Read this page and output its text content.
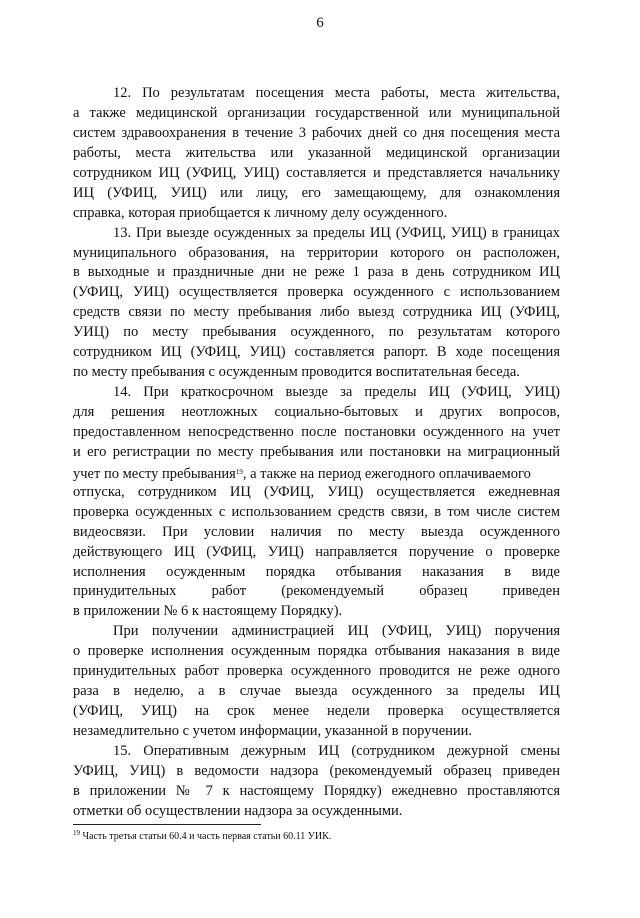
6
12. По результатам посещения места работы, места жительства,
а также медицинской организации государственной или муниципальной
систем здравоохранения в течение 3 рабочих дней со дня посещения места
работы, места жительства или указанной медицинской организации
сотрудником ИЦ (УФИЦ, УИЦ) составляется и представляется начальнику
ИЦ (УФИЦ, УИЦ) или лицу, его замещающему, для ознакомления
справка, которая приобщается к личному делу осужденного.
13. При выезде осужденных за пределы ИЦ (УФИЦ, УИЦ) в границах
муниципального образования, на территории которого он расположен,
в выходные и праздничные дни не реже 1 раза в день сотрудником ИЦ
(УФИЦ, УИЦ) осуществляется проверка осужденного с использованием
средств связи по месту пребывания либо выезд сотрудника ИЦ (УФИЦ,
УИЦ) по месту пребывания осужденного, по результатам которого
сотрудником ИЦ (УФИЦ, УИЦ) составляется рапорт. В ходе посещения
по месту пребывания с осужденным проводится воспитательная беседа.
14. При краткосрочном выезде за пределы ИЦ (УФИЦ, УИЦ)
для решения неотложных социально-бытовых и других вопросов,
предоставленном непосредственно после постановки осужденного на учет
и его регистрации по месту пребывания или постановки на миграционный
учет по месту пребывания$^{19}$, а также на период ежегодного оплачиваемого
отпуска, сотрудником ИЦ (УФИЦ, УИЦ) осуществляется ежедневная
проверка осужденных с использованием средств связи, в том числе систем
видеосвязи. При условии наличия по месту выезда осужденного
действующего ИЦ (УФИЦ, УИЦ) направляется поручение о проверке
исполнения осужденным порядка отбывания наказания в виде
принудительных работ (рекомендуемый образец приведен
в приложении № 6 к настоящему Порядку).
При получении администрацией ИЦ (УФИЦ, УИЦ) поручения
о проверке исполнения осужденным порядка отбывания наказания в виде
принудительных работ проверка осужденного проводится не реже одного
раза в неделю, а в случае выезда осужденного за пределы ИЦ
(УФИЦ, УИЦ) на срок менее недели проверка осуществляется
незамедлительно с учетом информации, указанной в поручении.
15. Оперативным дежурным ИЦ (сотрудником дежурной смены
УФИЦ, УИЦ) в ведомости надзора (рекомендуемый образец приведен
в приложении № 7 к настоящему Порядку) ежедневно проставляются
отметки об осуществлении надзора за осужденными.
$^{19}$ Часть третья статьи 60.4 и часть первая статьи 60.11 УИК.
